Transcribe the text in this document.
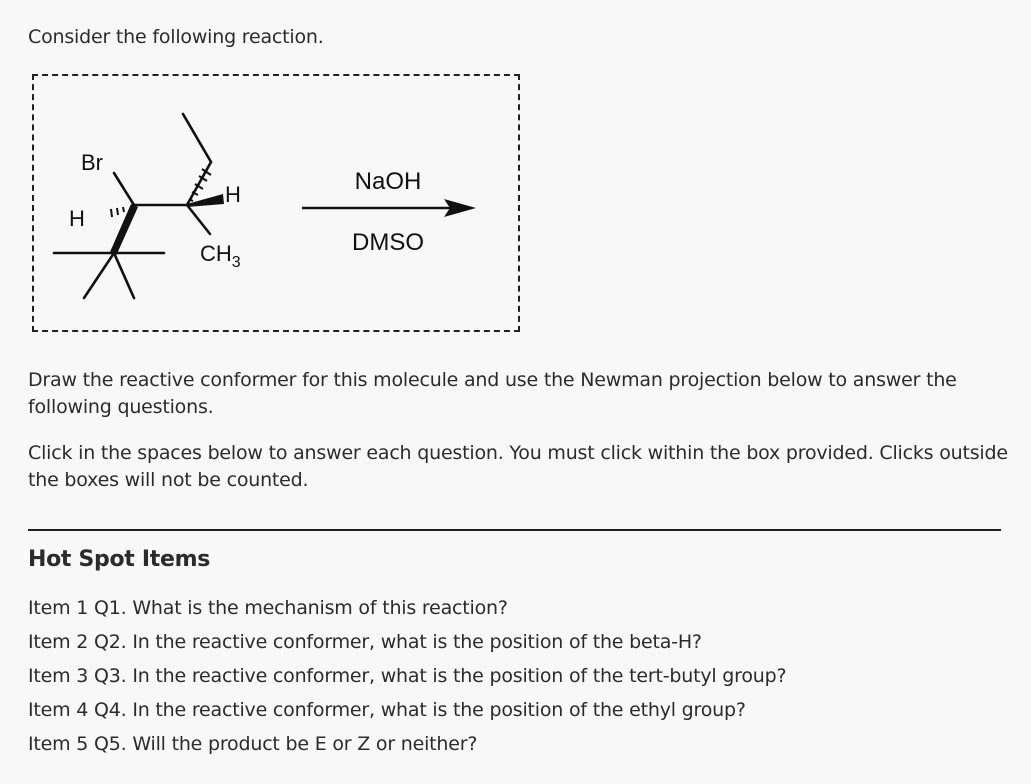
Consider the following reaction.
Br
H
H
$CH_3$
NaOH
DMSO
Draw the reactive conformer for this molecule and use the Newman projection below to answer the following questions.
Click in the spaces below to answer each question. You must click within the box provided. Clicks outside the boxes will not be counted.
Hot Spot Items
Item 1 Q1. What is the mechanism of this reaction?
Item 2 Q2. In the reactive conformer, what is the position of the beta-H?
Item 3 Q3. In the reactive conformer, what is the position of the tert-butyl group?
Item 4 Q4. In the reactive conformer, what is the position of the ethyl group?
Item 5 Q5. Will the product be E or Z or neither?
